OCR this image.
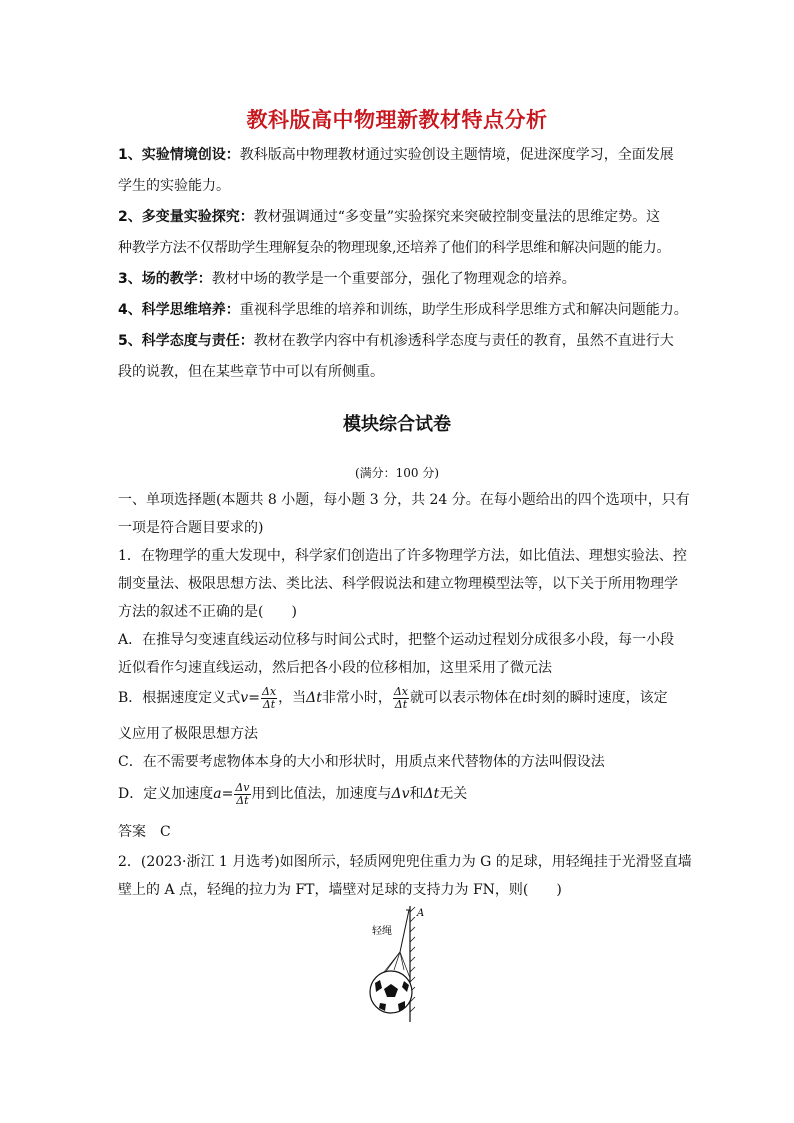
教科版高中物理新教材特点分析
1、实验情境创设：教科版高中物理教材通过实验创设主题情境，促进深度学习，全面发展
学生的实验能力。
2、多变量实验探究：教材强调通过“多变量”实验探究来突破控制变量法的思维定势。这
种教学方法不仅帮助学生理解复杂的物理现象,还培养了他们的科学思维和解决问题的能力。
3、场的教学：教材中场的教学是一个重要部分，强化了物理观念的培养。
4、科学思维培养：重视科学思维的培养和训练，助学生形成科学思维方式和解决问题能力。
5、科学态度与责任：教材在教学内容中有机渗透科学态度与责任的教育，虽然不直进行大
段的说教，但在某些章节中可以有所侧重。
模块综合试卷
(满分：100 分)
一、单项选择题(本题共 8 小题，每小题 3 分，共 24 分。在每小题给出的四个选项中，只有
一项是符合题目要求的)
1．在物理学的重大发现中，科学家们创造出了许多物理学方法，如比值法、理想实验法、控
制变量法、极限思想方法、类比法、科学假说法和建立物理模型法等，以下关于所用物理学
方法的叙述不正确的是(　　)
A．在推导匀变速直线运动位移与时间公式时，把整个运动过程划分成很多小段，每一小段
近似看作匀速直线运动，然后把各小段的位移相加，这里采用了微元法
B．根据速度定义式$v= \frac{\Delta x}{\Delta t}$ ，当Δt非常小时， $\frac{\Delta x}{\Delta t}$ 就可以表示物体在t时刻的瞬时速度，该定
义应用了极限思想方法
C．在不需要考虑物体本身的大小和形状时，用质点来代替物体的方法叫假设法
D．定义加速度$a= \frac{\Delta v}{\Delta t}$ 用到比值法，加速度与Δv和Δt无关
答案　C
2．(2023·浙江 1 月选考)如图所示，轻质网兜兜住重力为 G 的足球，用轻绳挂于光滑竖直墙
壁上的 A 点，轻绳的拉力为 FT，墙壁对足球的支持力为 FN，则(　　)
A
轻绳
